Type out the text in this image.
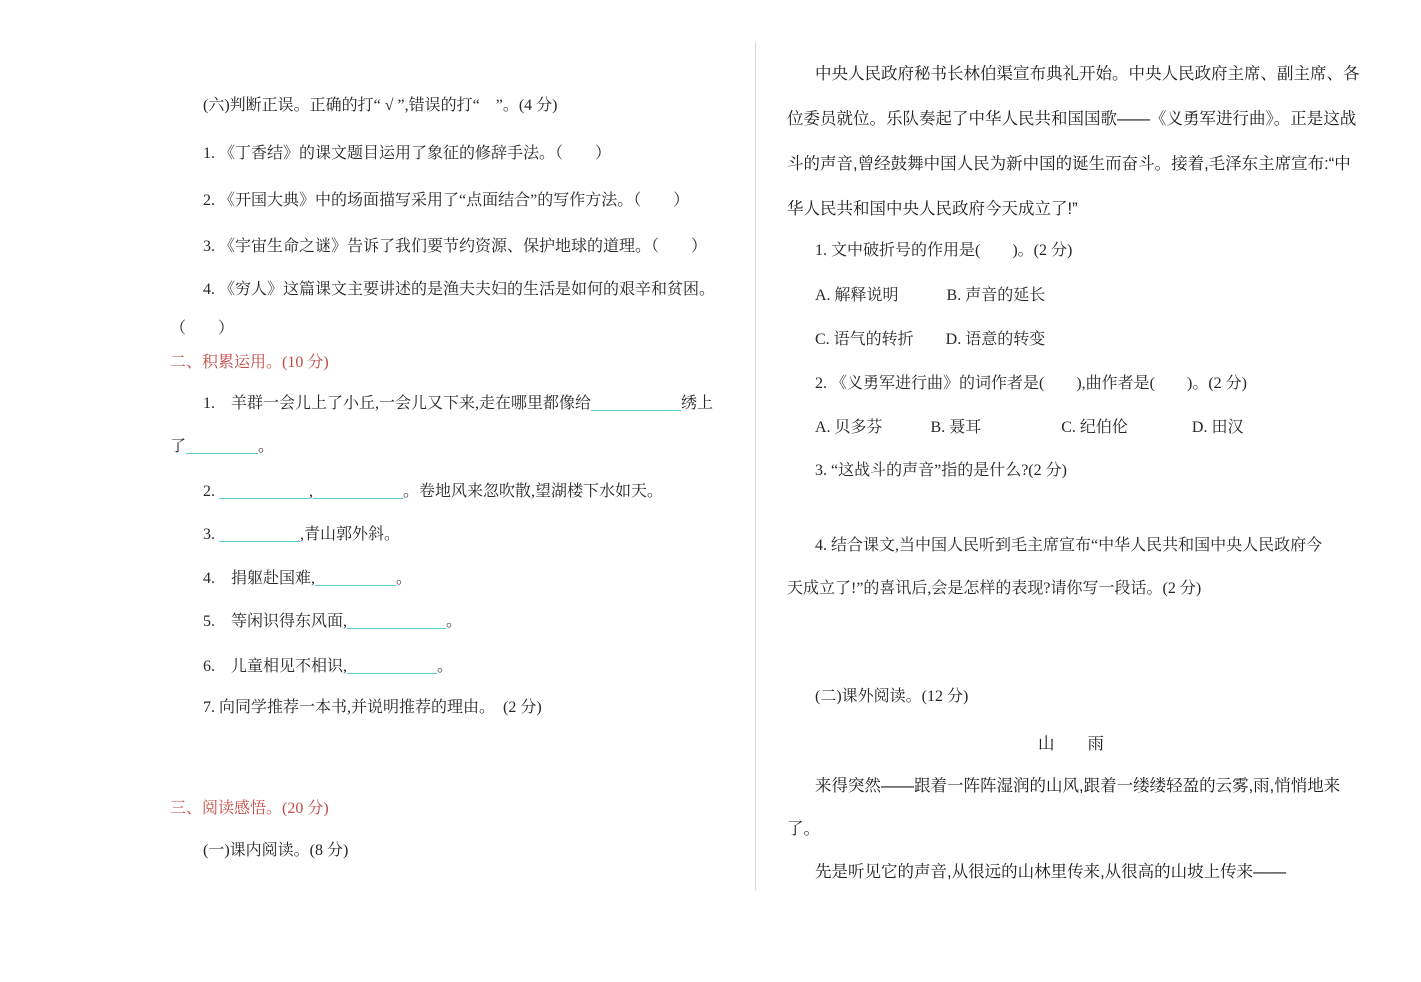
(六)判断正误。正确的打“ √ ”,错误的打“　”。(4 分)
1. 《丁香结》的课文题目运用了象征的修辞手法。（　　）
2. 《开国大典》中的场面描写采用了“点面结合”的写作方法。（　　）
3. 《宇宙生命之谜》告诉了我们要节约资源、保护地球的道理。（　　）
4. 《穷人》这篇课文主要讲述的是渔夫夫妇的生活是如何的艰辛和贫困。
（　　）
二、积累运用。(10 分)
1.　羊群一会儿上了小丘,一会儿又下来,走在哪里都像给	绣上
了	。
2.	,	。卷地风来忽吹散,望湖楼下水如天。
3.	,青山郭外斜。
4.　捐躯赴国难,	。
5.　等闲识得东风面,	。
6.　儿童相见不相识,	。
7. 向同学推荐一本书,并说明推荐的理由。　(2 分)
三、阅读感悟。(20 分)
(一)课内阅读。(8 分)
中央人民政府秘书长林伯渠宣布典礼开始。中央人民政府主席、副主席、各
位委员就位。乐队奏起了中华人民共和国国歌——《义勇军进行曲》。正是这战
斗的声音,曾经鼓舞中国人民为新中国的诞生而奋斗。接着,毛泽东主席宣布:“中
华人民共和国中央人民政府今天成立了!”
1. 文中破折号的作用是(　　)。(2 分)
A. 解释说明　　　B. 声音的延长
C. 语气的转折　　D. 语意的转变
2. 《义勇军进行曲》的词作者是(　　),曲作者是(　　)。(2 分)
A. 贝多芬　　　B. 聂耳　　　　　C. 纪伯伦　　　　D. 田汉
3. “这战斗的声音”指的是什么?(2 分)
4. 结合课文,当中国人民听到毛主席宣布“中华人民共和国中央人民政府今
天成立了!”的喜讯后,会是怎样的表现?请你写一段话。(2 分)
(二)课外阅读。(12 分)
山　　雨
来得突然——跟着一阵阵湿润的山风,跟着一缕缕轻盈的云雾,雨,悄悄地来
了。
先是听见它的声音,从很远的山林里传来,从很高的山坡上传来——
